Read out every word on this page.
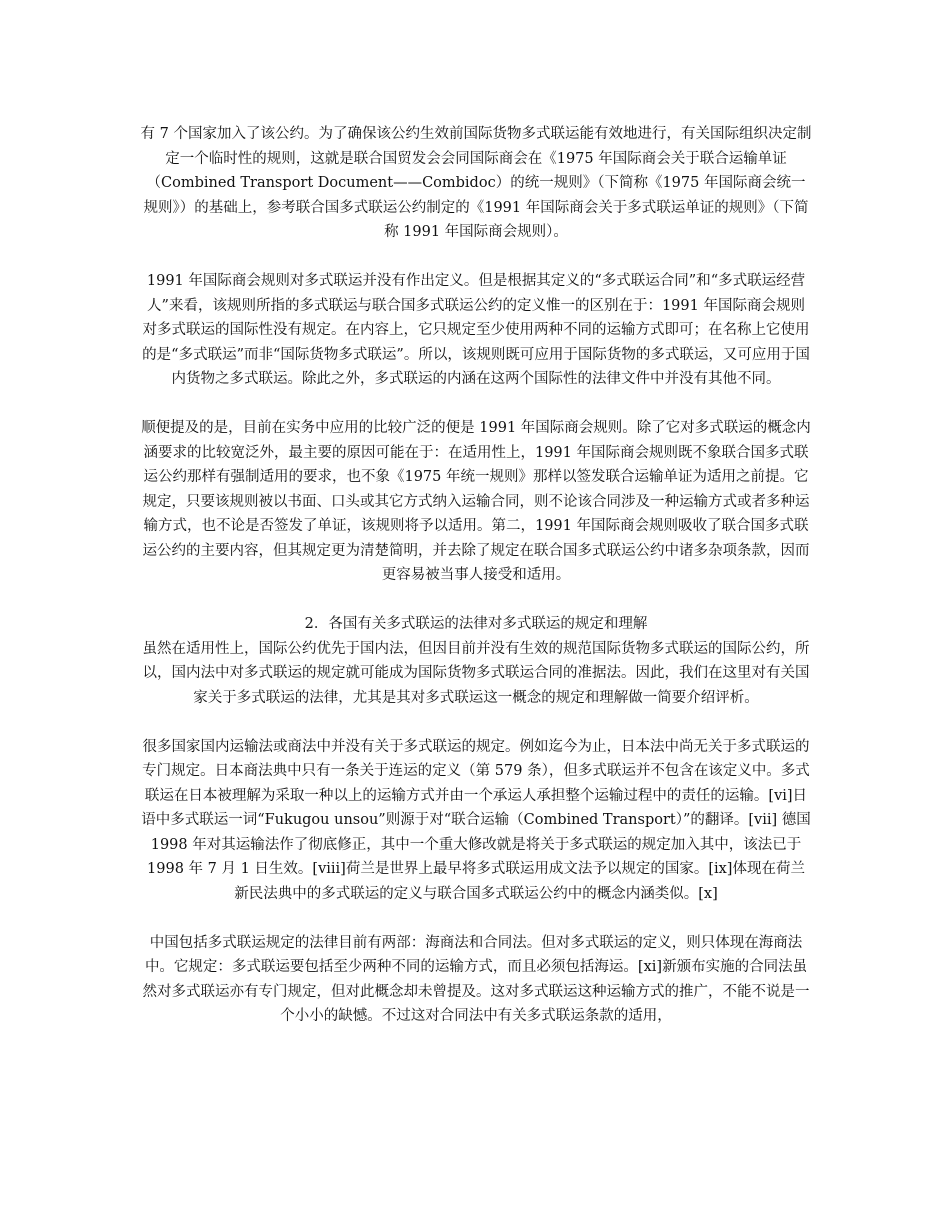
有 7 个国家加入了该公约。为了确保该公约生效前国际货物多式联运能有效地进行，有关国际组织决定制定一个临时性的规则，这就是联合国贸发会会同国际商会在《1975 年国际商会关于联合运输单证（Combined Transport Document——Combidoc）的统一规则》（下简称《1975 年国际商会统一规则》）的基础上，参考联合国多式联运公约制定的《1991 年国际商会关于多式联运单证的规则》（下简称 1991 年国际商会规则）。

1991 年国际商会规则对多式联运并没有作出定义。但是根据其定义的“多式联运合同”和“多式联运经营人”来看，该规则所指的多式联运与联合国多式联运公约的定义惟一的区别在于：1991 年国际商会规则对多式联运的国际性没有规定。在内容上，它只规定至少使用两种不同的运输方式即可；在名称上它使用的是“多式联运”而非“国际货物多式联运”。所以，该规则既可应用于国际货物的多式联运，又可应用于国内货物之多式联运。除此之外，多式联运的内涵在这两个国际性的法律文件中并没有其他不同。

顺便提及的是，目前在实务中应用的比较广泛的便是 1991 年国际商会规则。除了它对多式联运的概念内涵要求的比较宽泛外，最主要的原因可能在于：在适用性上，1991 年国际商会规则既不象联合国多式联运公约那样有强制适用的要求，也不象《1975 年统一规则》那样以签发联合运输单证为适用之前提。它规定，只要该规则被以书面、口头或其它方式纳入运输合同，则不论该合同涉及一种运输方式或者多种运输方式，也不论是否签发了单证，该规则将予以适用。第二，1991 年国际商会规则吸收了联合国多式联运公约的主要内容，但其规定更为清楚简明，并去除了规定在联合国多式联运公约中诸多杂项条款，因而更容易被当事人接受和适用。

2．各国有关多式联运的法律对多式联运的规定和理解

虽然在适用性上，国际公约优先于国内法，但因目前并没有生效的规范国际货物多式联运的国际公约，所以，国内法中对多式联运的规定就可能成为国际货物多式联运合同的准据法。因此，我们在这里对有关国家关于多式联运的法律，尤其是其对多式联运这一概念的规定和理解做一简要介绍评析。

很多国家国内运输法或商法中并没有关于多式联运的规定。例如迄今为止，日本法中尚无关于多式联运的专门规定。日本商法典中只有一条关于连运的定义（第 579 条），但多式联运并不包含在该定义中。多式联运在日本被理解为采取一种以上的运输方式并由一个承运人承担整个运输过程中的责任的运输。[vi]日语中多式联运一词“Fukugou unsou”则源于对“联合运输（Combined Transport）”的翻译。[vii] 德国 1998 年对其运输法作了彻底修正，其中一个重大修改就是将关于多式联运的规定加入其中，该法已于 1998 年 7 月 1 日生效。[viii]荷兰是世界上最早将多式联运用成文法予以规定的国家。[ix]体现在荷兰新民法典中的多式联运的定义与联合国多式联运公约中的概念内涵类似。[x]

中国包括多式联运规定的法律目前有两部：海商法和合同法。但对多式联运的定义，则只体现在海商法中。它规定：多式联运要包括至少两种不同的运输方式，而且必须包括海运。[xi]新颁布实施的合同法虽然对多式联运亦有专门规定，但对此概念却未曾提及。这对多式联运这种运输方式的推广，不能不说是一个小小的缺憾。不过这对合同法中有关多式联运条款的适用，
